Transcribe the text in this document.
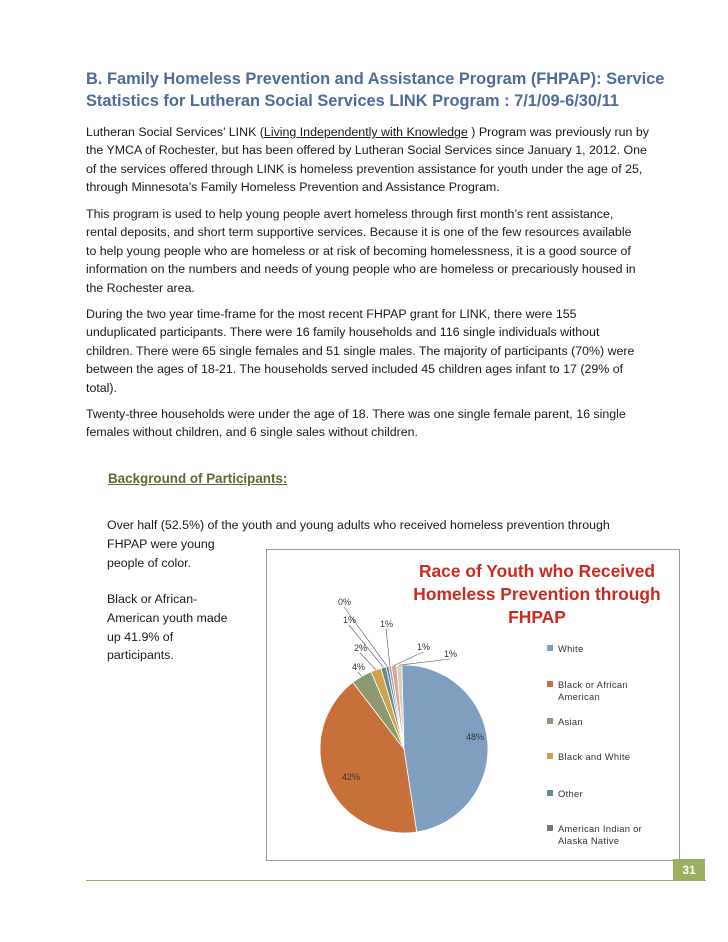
B. Family Homeless Prevention and Assistance Program (FHPAP): Service
Statistics for Lutheran Social Services LINK Program : 7/1/09-6/30/11
Lutheran Social Services’ LINK (Living Independently with Knowledge ) Program was previously run by
the YMCA of Rochester, but has been offered by Lutheran Social Services since January 1, 2012. One
of the services offered through LINK is homeless prevention assistance for youth under the age of 25,
through Minnesota’s Family Homeless Prevention and Assistance Program.
This program is used to help young people avert homeless through first month’s rent assistance,
rental deposits, and short term supportive services. Because it is one of the few resources available
to help young people who are homeless or at risk of becoming homelessness, it is a good source of
information on the numbers and needs of young people who are homeless or precariously housed in
the Rochester area.
During the two year time-frame for the most recent FHPAP grant for LINK, there were 155
unduplicated participants. There were 16 family households and 116 single individuals without
children. There were 65 single females and 51 single males. The majority of participants (70%) were
between the ages of 18-21. The households served included 45 children ages infant to 17 (29% of
total).
Twenty-three households were under the age of 18. There was one single female parent, 16 single
females without children, and 6 single sales without children.
Background of Participants:
Over half (52.5%) of the youth and young adults who received homeless prevention through
FHPAP were young
people of color.
Black or African-
American youth made
up 41.9% of
participants.
Race of Youth who Received
Homeless Prevention through
FHPAP
48%
42%
4%
2%
1%
0%
1%
1%
1%	White
Black or African
American
Asian
Black and White
Other
American Indian or
Alaska Native
31
